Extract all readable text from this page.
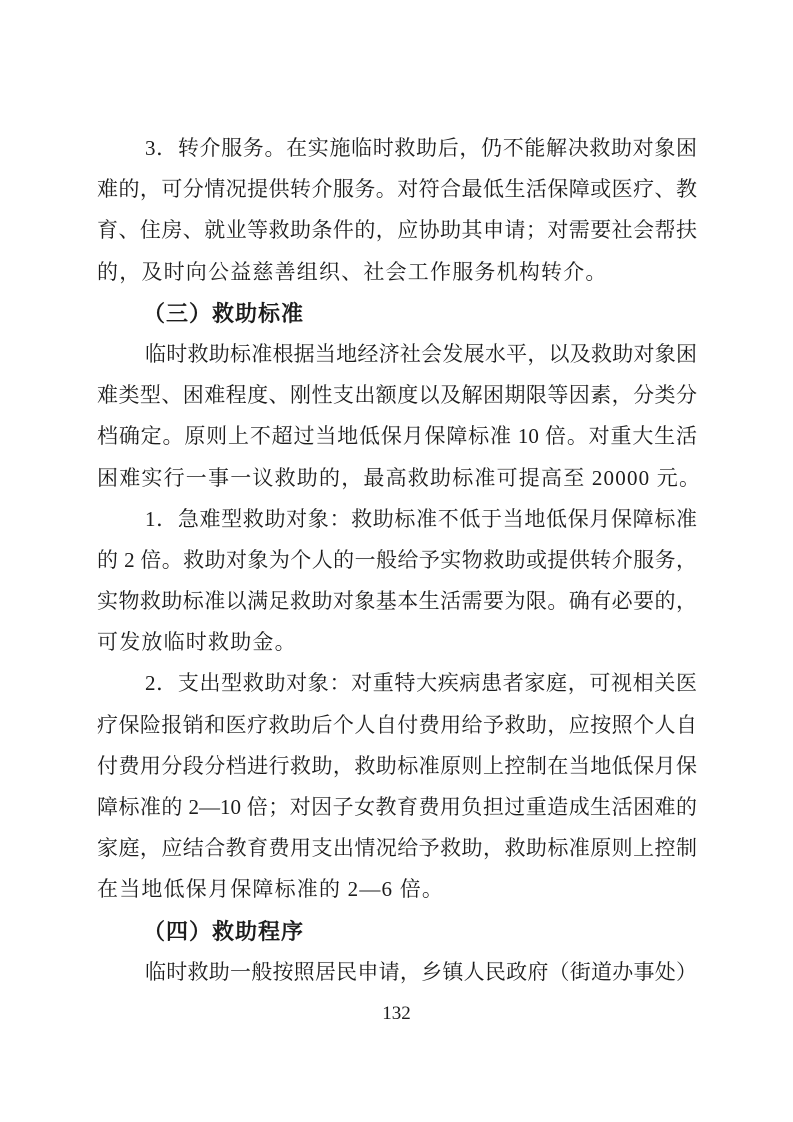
3．转介服务。在实施临时救助后，仍不能解决救助对象困
难的，可分情况提供转介服务。对符合最低生活保障或医疗、教
育、住房、就业等救助条件的，应协助其申请；对需要社会帮扶
的，及时向公益慈善组织、社会工作服务机构转介。
（三）救助标准
临时救助标准根据当地经济社会发展水平，以及救助对象困
难类型、困难程度、刚性支出额度以及解困期限等因素，分类分
档确定。原则上不超过当地低保月保障标准 10 倍。对重大生活
困难实行一事一议救助的，最高救助标准可提高至 20000 元。
1．急难型救助对象：救助标准不低于当地低保月保障标准
的 2 倍。救助对象为个人的一般给予实物救助或提供转介服务，
实物救助标准以满足救助对象基本生活需要为限。确有必要的，
可发放临时救助金。
2．支出型救助对象：对重特大疾病患者家庭，可视相关医
疗保险报销和医疗救助后个人自付费用给予救助，应按照个人自
付费用分段分档进行救助，救助标准原则上控制在当地低保月保
障标准的 2—10 倍；对因子女教育费用负担过重造成生活困难的
家庭，应结合教育费用支出情况给予救助，救助标准原则上控制
在当地低保月保障标准的 2—6 倍。
（四）救助程序
临时救助一般按照居民申请，乡镇人民政府（街道办事处）
132
